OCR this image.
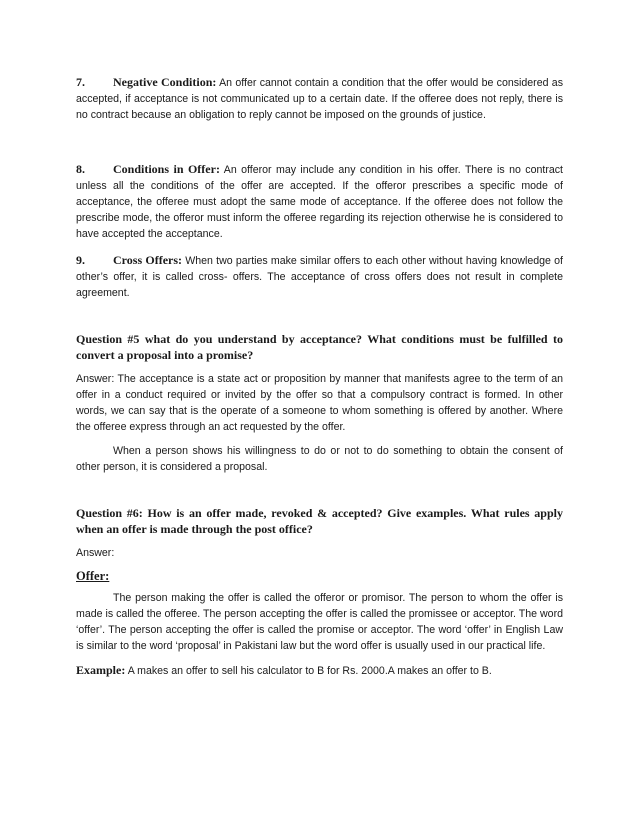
7. Negative Condition: An offer cannot contain a condition that the offer would be considered as accepted, if acceptance is not communicated up to a certain date. If the offeree does not reply, there is no contract because an obligation to reply cannot be imposed on the grounds of justice.

8. Conditions in Offer: An offeror may include any condition in his offer. There is no contract unless all the conditions of the offer are accepted. If the offeror prescribes a specific mode of acceptance, the offeree must adopt the same mode of acceptance. If the offeree does not follow the prescribe mode, the offeror must inform the offeree regarding its rejection otherwise he is considered to have accepted the acceptance.

9. Cross Offers: When two parties make similar offers to each other without having knowledge of other’s offer, it is called cross- offers. The acceptance of cross offers does not result in complete agreement.

Question #5 what do you understand by acceptance? What conditions must be fulfilled to convert a proposal into a promise?

Answer: The acceptance is a state act or proposition by manner that manifests agree to the term of an offer in a conduct required or invited by the offer so that a compulsory contract is formed. In other words, we can say that is the operate of a someone to whom something is offered by another. Where the offeree express through an act requested by the offer.

When a person shows his willingness to do or not to do something to obtain the consent of other person, it is considered a proposal.

Question #6: How is an offer made, revoked & accepted? Give examples. What rules apply when an offer is made through the post office?

Answer:

Offer:

The person making the offer is called the offeror or promisor. The person to whom the offer is made is called the offeree. The person accepting the offer is called the promissee or acceptor. The word ‘offer’. The person accepting the offer is called the promise or acceptor. The word ‘offer’ in English Law is similar to the word ‘proposal’ in Pakistani law but the word offer is usually used in our practical life.

Example: A makes an offer to sell his calculator to B for Rs. 2000.A makes an offer to B.
